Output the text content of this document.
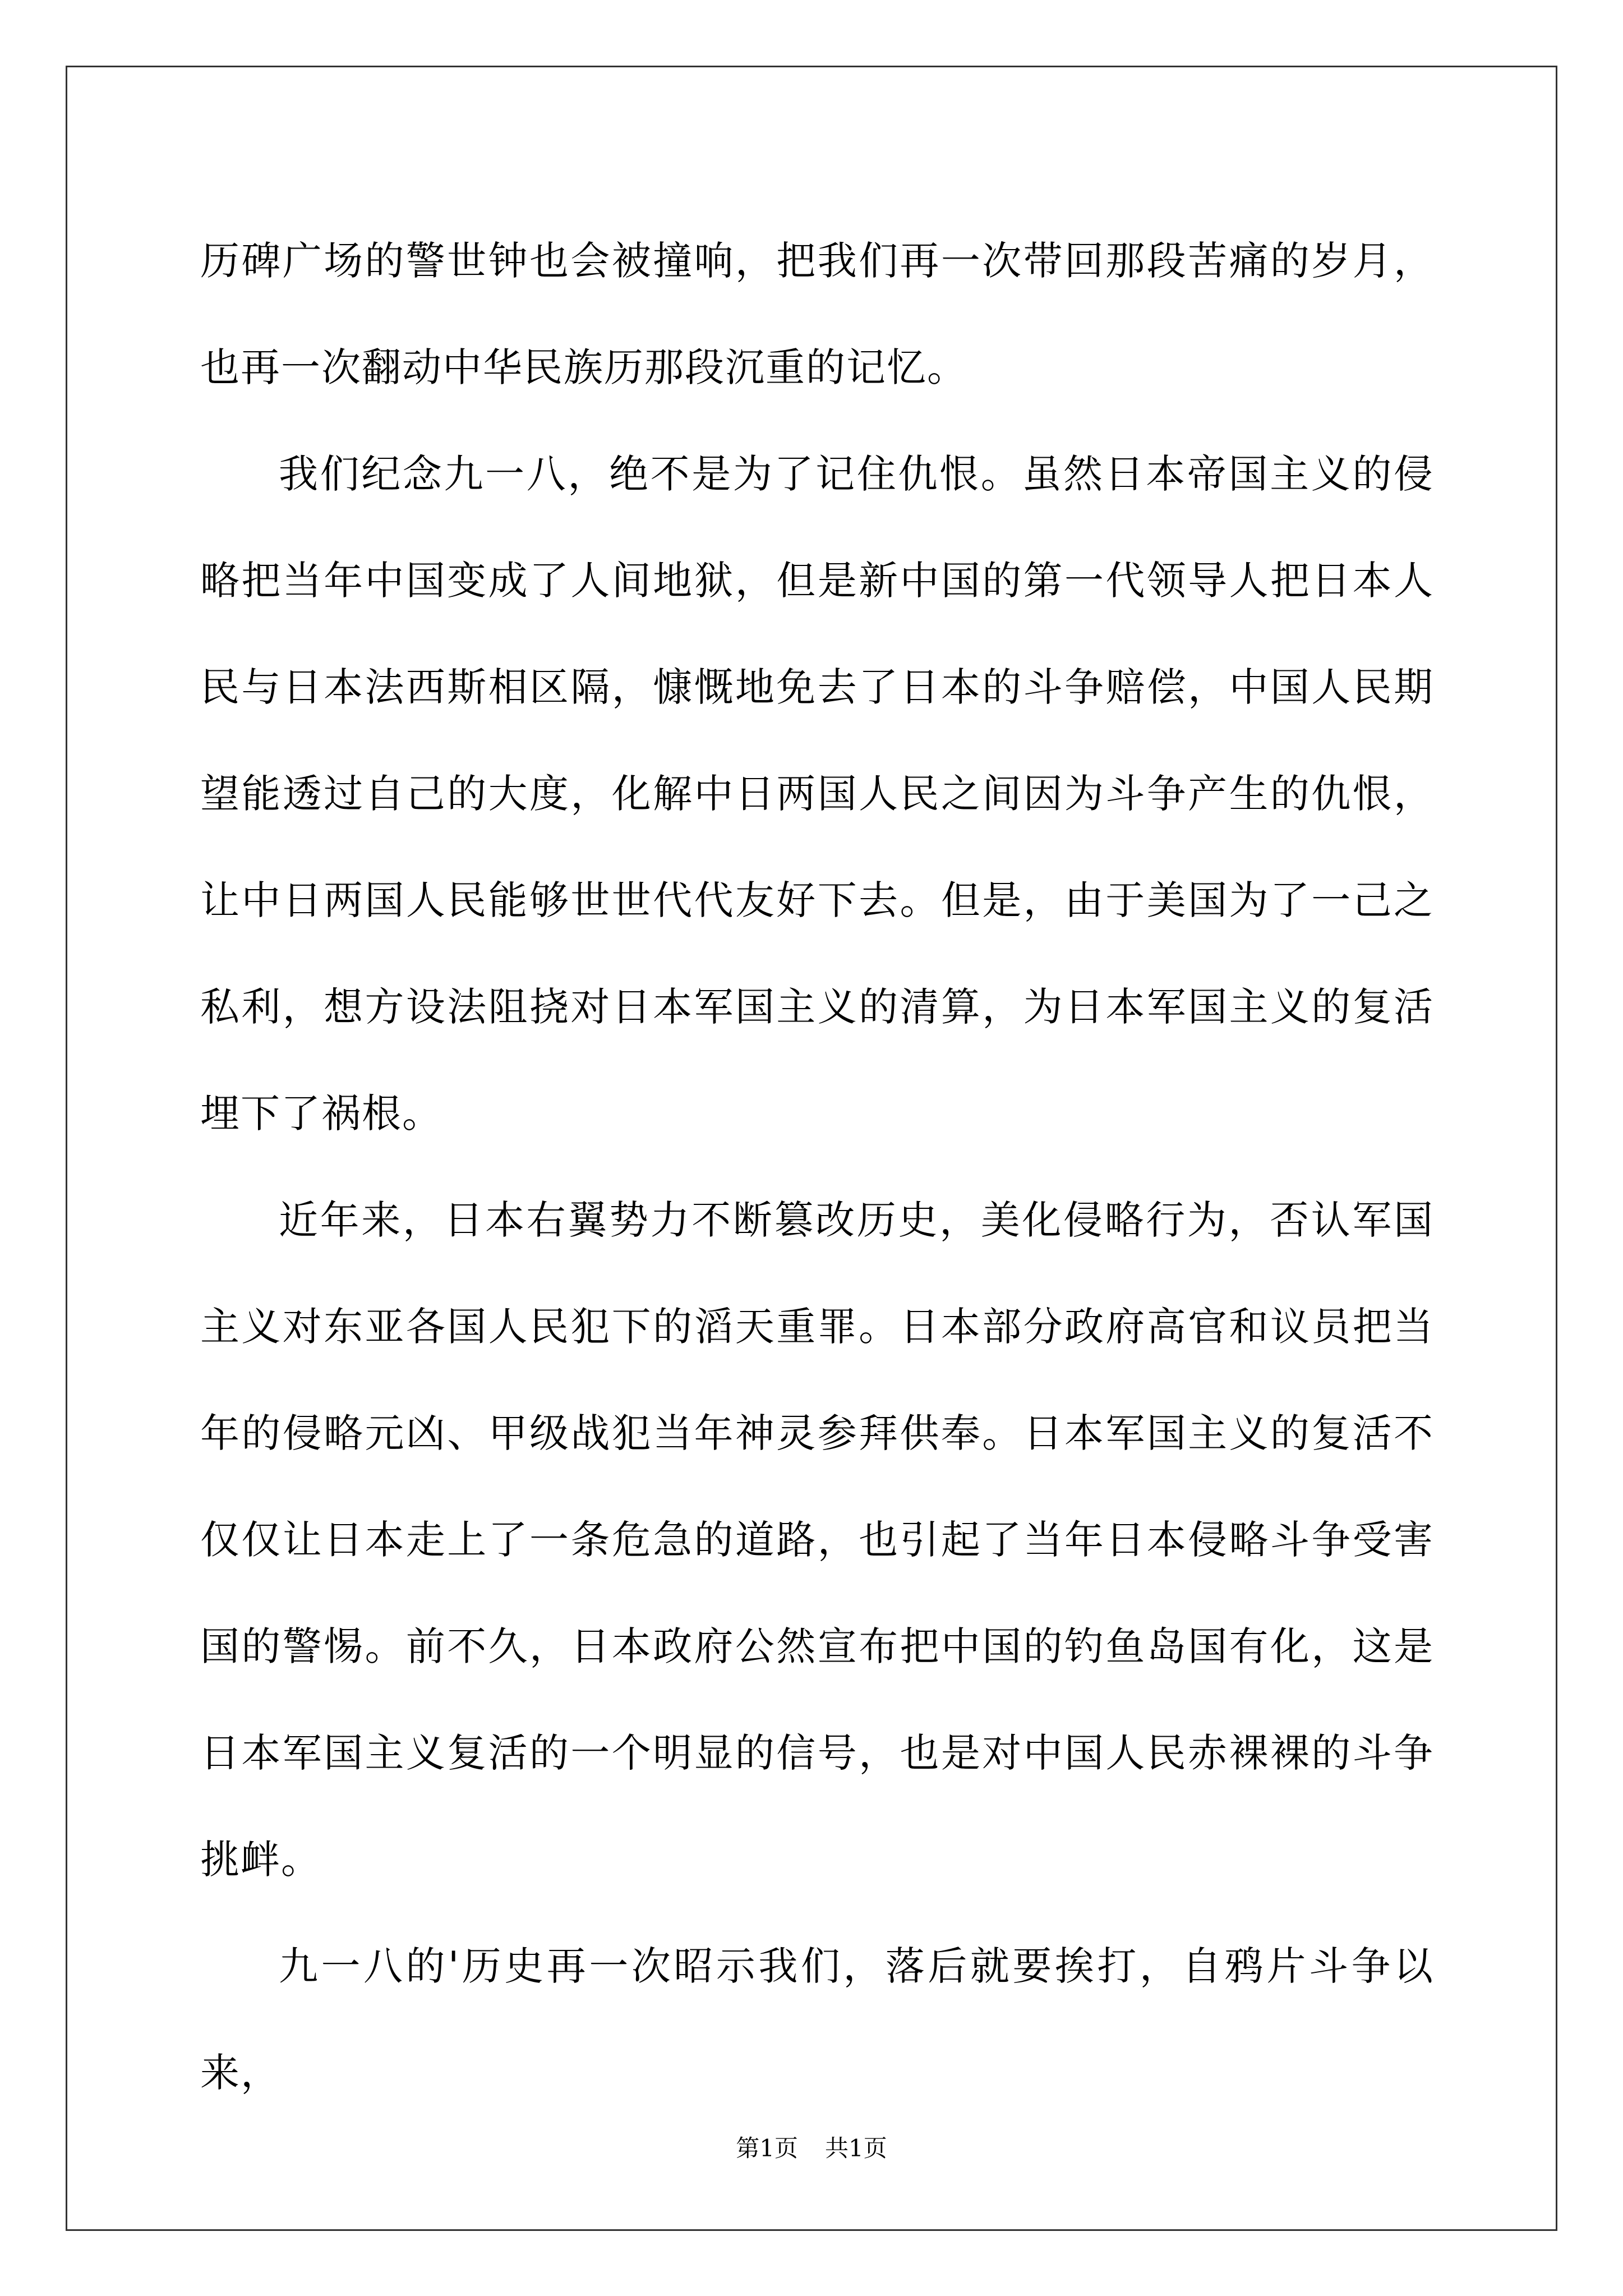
历碑广场的警世钟也会被撞响，把我们再一次带回那段苦痛的岁月，也再一次翻动中华民族历那段沉重的记忆。

我们纪念九一八，绝不是为了记住仇恨。虽然日本帝国主义的侵略把当年中国变成了人间地狱，但是新中国的第一代领导人把日本人民与日本法西斯相区隔，慷慨地免去了日本的斗争赔偿，中国人民期望能透过自己的大度，化解中日两国人民之间因为斗争产生的仇恨，让中日两国人民能够世世代代友好下去。但是，由于美国为了一己之私利，想方设法阻挠对日本军国主义的清算，为日本军国主义的复活埋下了祸根。

近年来，日本右翼势力不断篡改历史，美化侵略行为，否认军国主义对东亚各国人民犯下的滔天重罪。日本部分政府高官和议员把当年的侵略元凶、甲级战犯当年神灵参拜供奉。日本军国主义的复活不仅仅让日本走上了一条危急的道路，也引起了当年日本侵略斗争受害国的警惕。前不久，日本政府公然宣布把中国的钓鱼岛国有化，这是日本军国主义复活的一个明显的信号，也是对中国人民赤裸裸的斗争挑衅。

九一八的'历史再一次昭示我们，落后就要挨打，自鸦片斗争以来，

第1页 共1页
